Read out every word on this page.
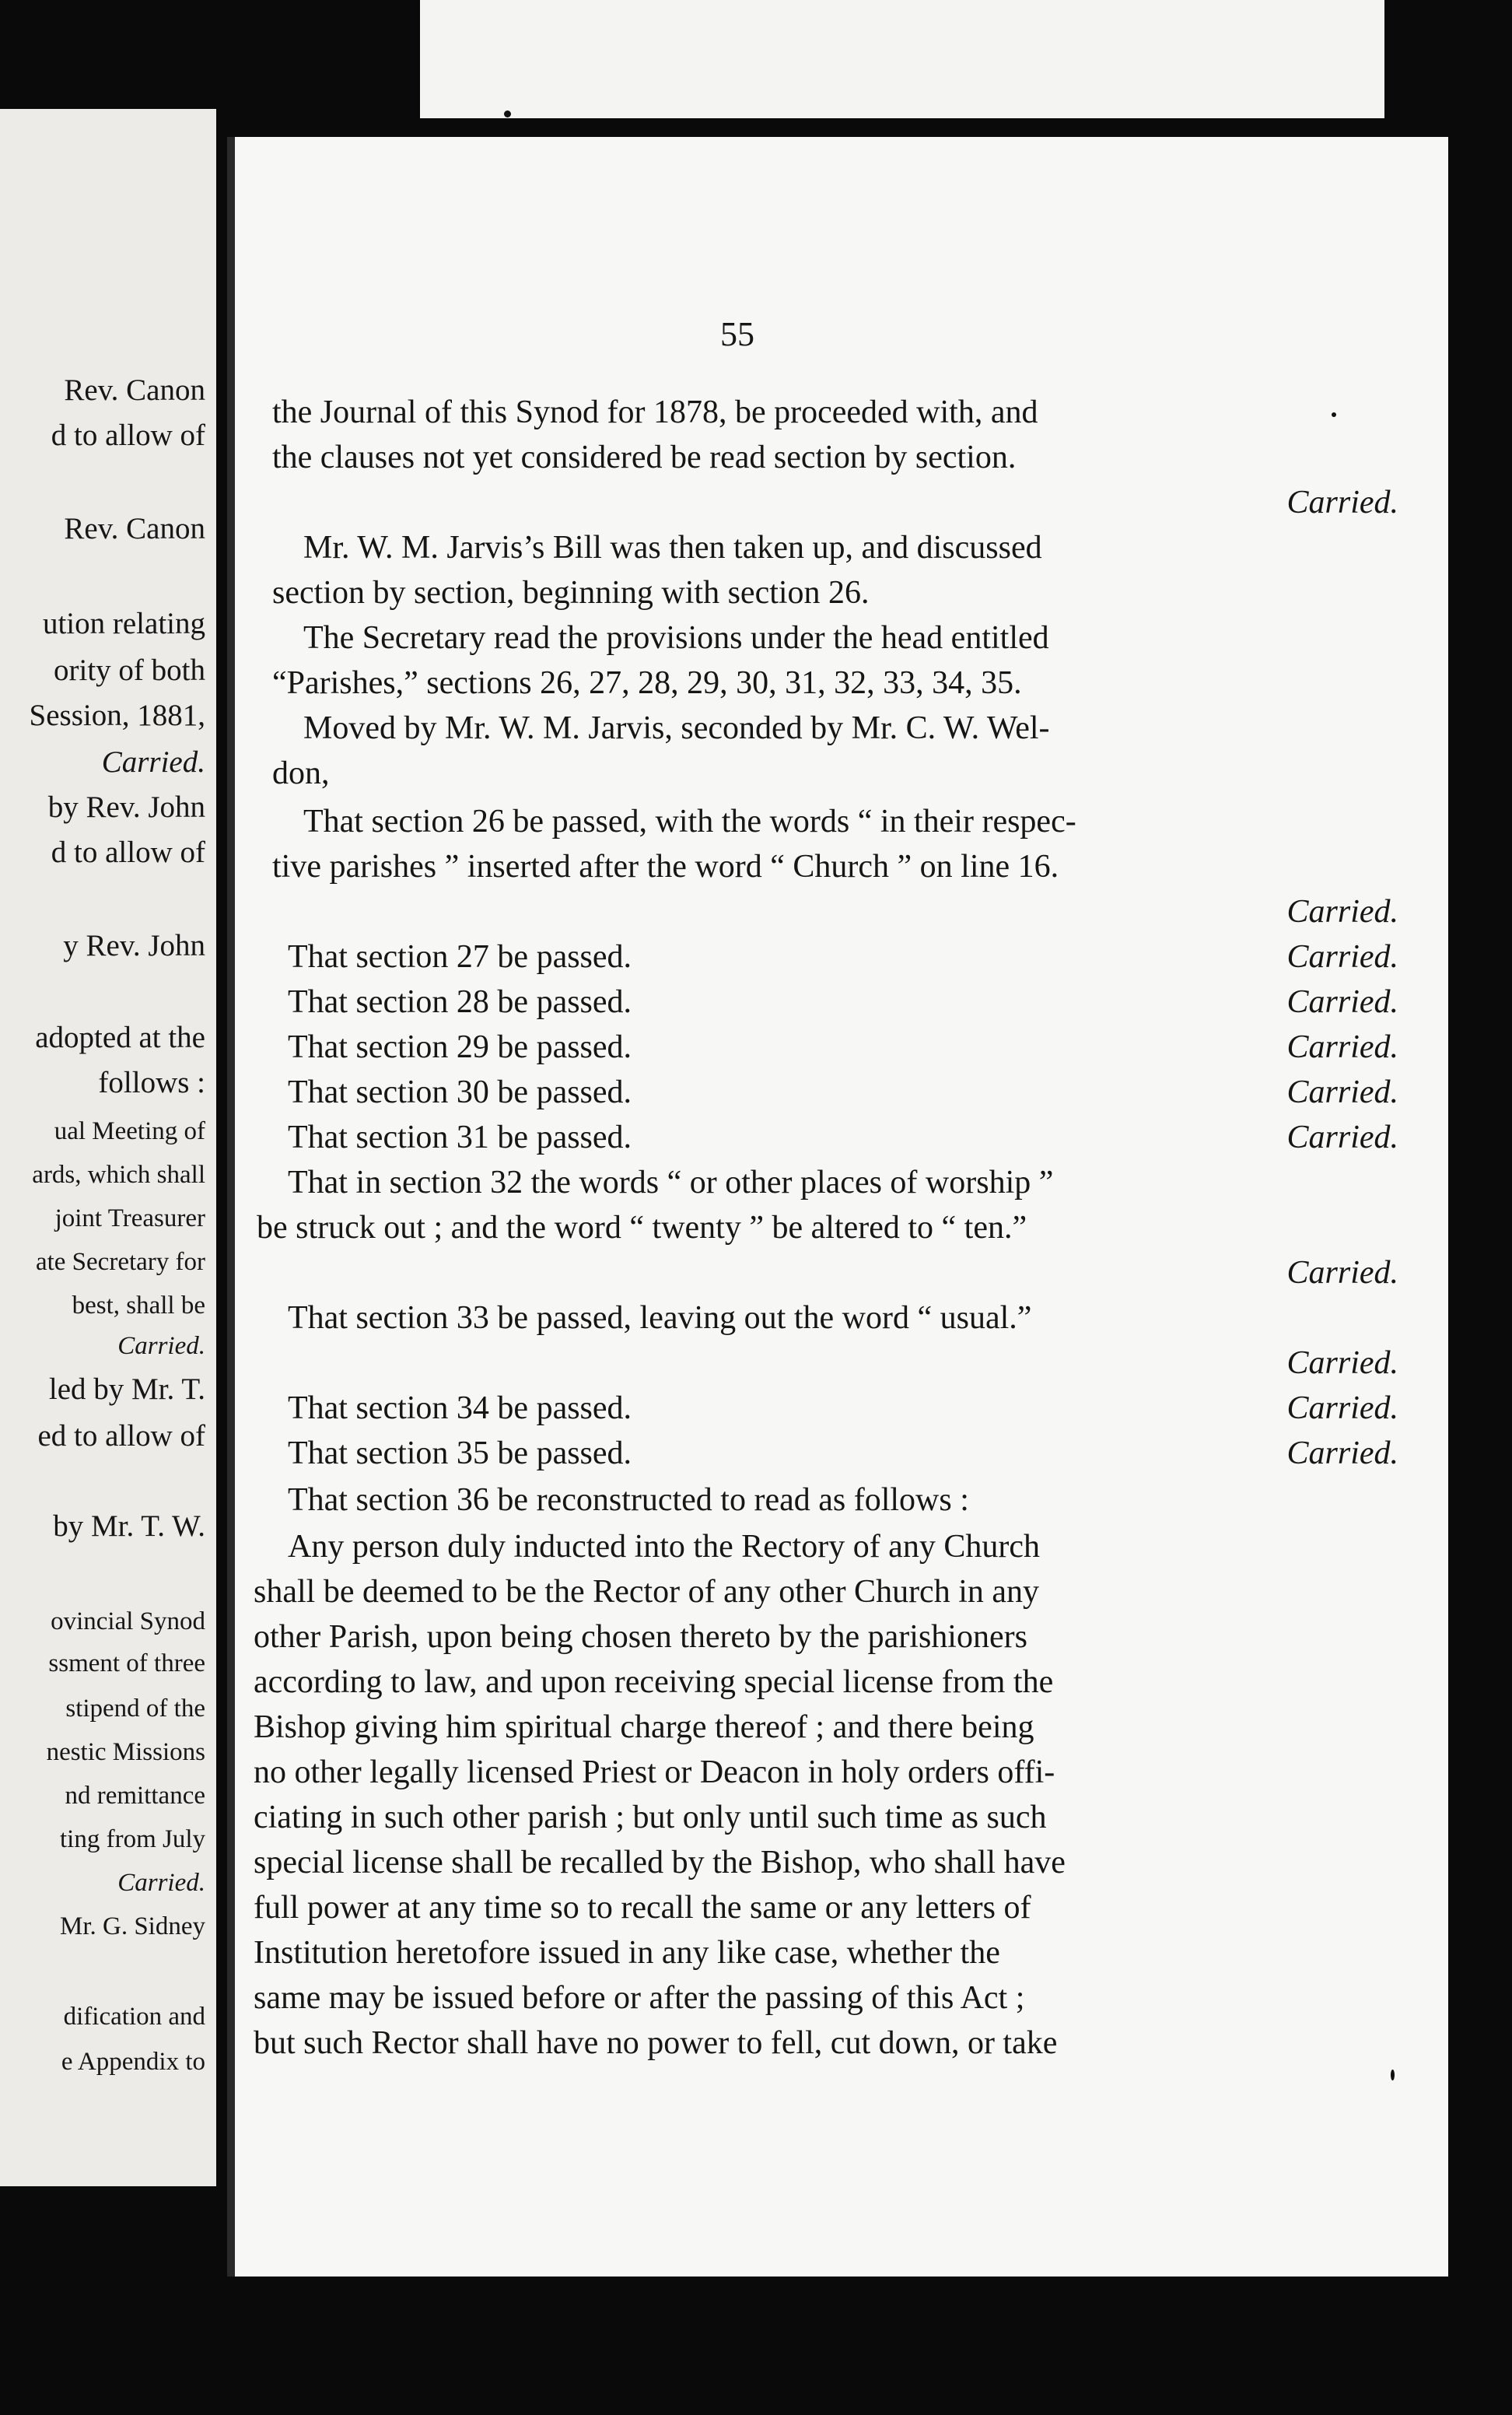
Rev. Canon
d to allow of
Rev. Canon
ution relating
ority of both
Session, 1881,
Carried.
by Rev. John
d to allow of
y Rev. John
adopted at the
follows :
ual Meeting of
ards, which shall
joint Treasurer
ate Secretary for
best, shall be
Carried.
led by Mr. T.
ed to allow of
by Mr. T. W.
ovincial Synod
ssment of three
stipend of the
nestic Missions
nd remittance
ting from July
Carried.
Mr. G. Sidney
dification and
e Appendix to
55
the Journal of this Synod for 1878, be proceeded with, and
the clauses not yet considered be read section by section.
Carried.
Mr. W. M. Jarvis’s Bill was then taken up, and discussed
section by section, beginning with section 26.
The Secretary read the provisions under the head entitled
“Parishes,” sections 26, 27, 28, 29, 30, 31, 32, 33, 34, 35.
Moved by Mr. W. M. Jarvis, seconded by Mr. C. W. Wel-
don,
That section 26 be passed, with the words “ in their respec-
tive parishes ” inserted after the word “ Church ” on line 16.
Carried.
That section 27 be passed.	Carried.
That section 28 be passed.	Carried.
That section 29 be passed.	Carried.
That section 30 be passed.	Carried.
That section 31 be passed.	Carried.
That in section 32 the words “ or other places of worship ”
be struck out ; and the word “ twenty ” be altered to “ ten.”
Carried.
That section 33 be passed, leaving out the word “ usual.”
Carried.
That section 34 be passed.	Carried.
That section 35 be passed.	Carried.
That section 36 be reconstructed to read as follows :
Any person duly inducted into the Rectory of any Church
shall be deemed to be the Rector of any other Church in any
other Parish, upon being chosen thereto by the parishioners
according to law, and upon receiving special license from the
Bishop giving him spiritual charge thereof ; and there being
no other legally licensed Priest or Deacon in holy orders offi-
ciating in such other parish ; but only until such time as such
special license shall be recalled by the Bishop, who shall have
full power at any time so to recall the same or any letters of
Institution heretofore issued in any like case, whether the
same may be issued before or after the passing of this Act ;
but such Rector shall have no power to fell, cut down, or take
